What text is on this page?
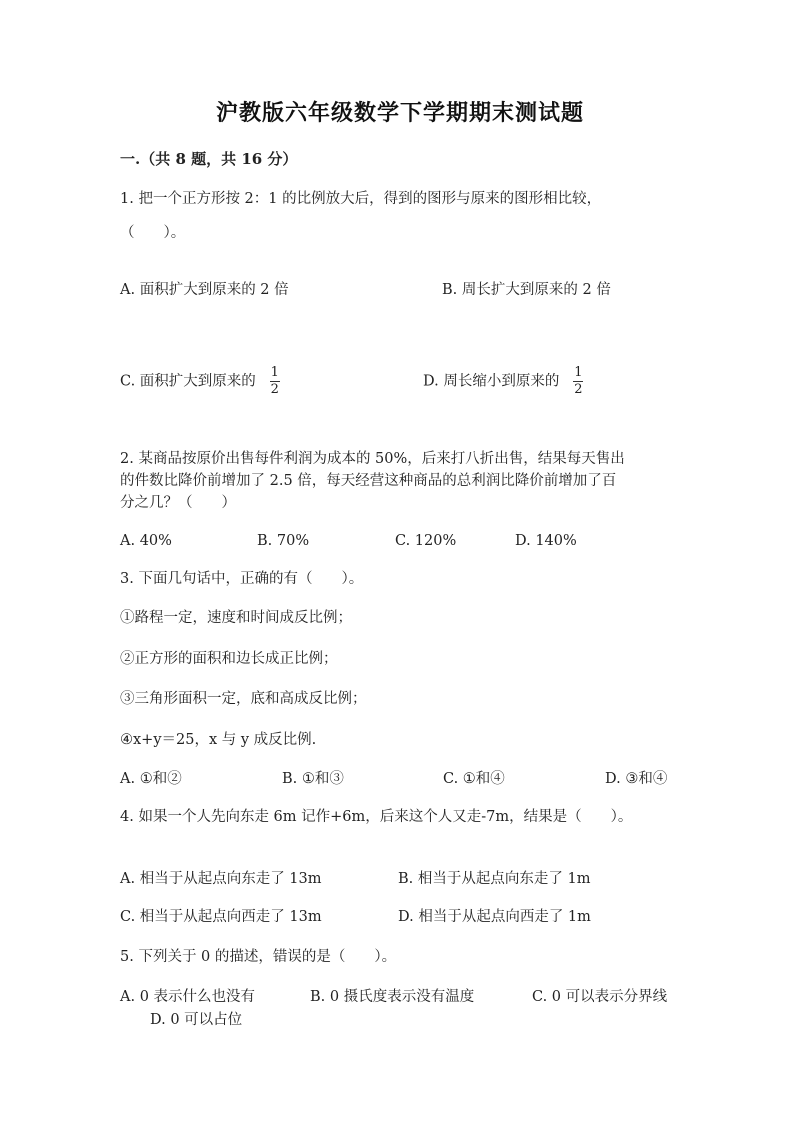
沪教版六年级数学下学期期末测试题
一.（共 8 题，共 16 分）
1. 把一个正方形按 2：1 的比例放大后，得到的图形与原来的图形相比较，
（　　）。
A. 面积扩大到原来的 2 倍	B. 周长扩大到原来的 2 倍
C. 面积扩大到原来的 $\frac{1}{2}$	D. 周长缩小到原来的 $\frac{1}{2}$
2. 某商品按原价出售每件利润为成本的 50%，后来打八折出售，结果每天售出
的件数比降价前增加了 2.5 倍，每天经营这种商品的总利润比降价前增加了百
分之几？（　　）
A. 40%	B. 70%	C. 120%	D. 140%
3. 下面几句话中，正确的有（　　）。
①路程一定，速度和时间成反比例；
②正方形的面积和边长成正比例；
③三角形面积一定，底和高成反比例；
④x+y＝25，x 与 y 成反比例.
A. ①和②	B. ①和③	C. ①和④	D. ③和④
4. 如果一个人先向东走 6m 记作+6m，后来这个人又走-7m，结果是（　　）。
A. 相当于从起点向东走了 13m	B. 相当于从起点向东走了 1m
C. 相当于从起点向西走了 13m	D. 相当于从起点向西走了 1m
5. 下列关于 0 的描述，错误的是（　　）。
A. 0 表示什么也没有	B. 0 摄氏度表示没有温度	C. 0 可以表示分界线
D. 0 可以占位
